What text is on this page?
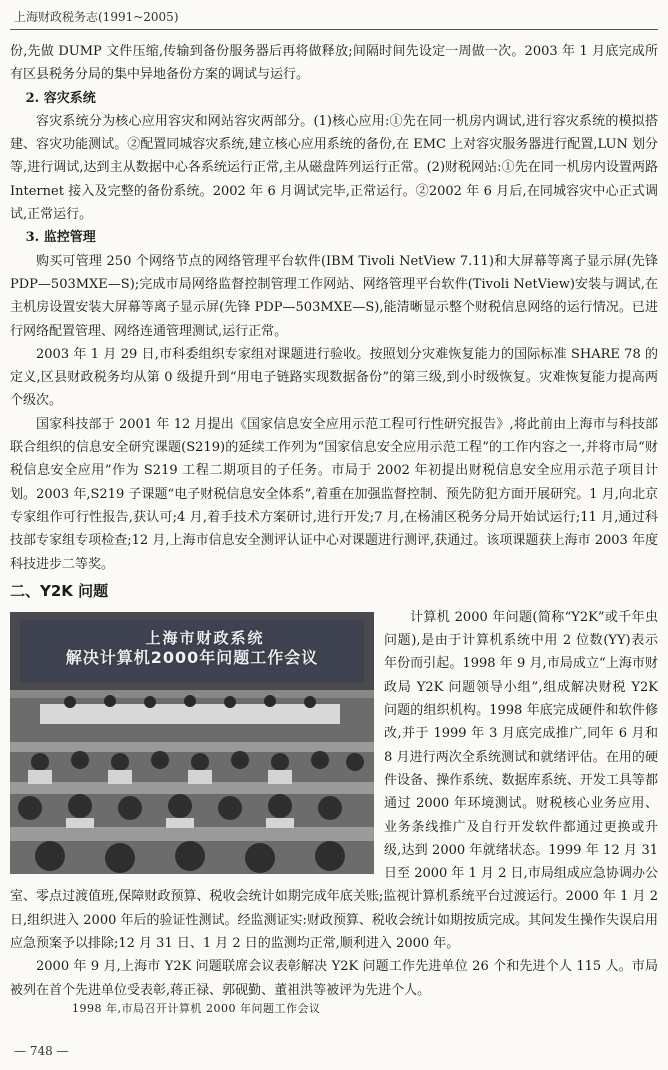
上海财政税务志(1991~2005)

份,先做 DUMP 文件压缩,传输到备份服务器后再将做释放;间隔时间先设定一周做一次。2003 年 1 月底完成所有区县税务分局的集中异地备份方案的调试与运行。

2. 容灾系统

容灾系统分为核心应用容灾和网站容灾两部分。(1)核心应用:①先在同一机房内调试,进行容灾系统的模拟搭建、容灾功能测试。②配置同城容灾系统,建立核心应用系统的备份,在 EMC 上对容灾服务器进行配置,LUN 划分等,进行调试,达到主从数据中心各系统运行正常,主从磁盘阵列运行正常。(2)财税网站:①先在同一机房内设置两路 Internet 接入及完整的备份系统。2002 年 6 月调试完毕,正常运行。②2002 年 6 月后,在同城容灾中心正式调试,正常运行。

3. 监控管理

购买可管理 250 个网络节点的网络管理平台软件(IBM Tivoli NetView 7.11)和大屏幕等离子显示屏(先锋 PDP—503MXE—S);完成市局网络监督控制管理工作网站、网络管理平台软件(Tivoli NetView)安装与调试,在主机房设置安装大屏幕等离子显示屏(先锋 PDP—503MXE—S),能清晰显示整个财税信息网络的运行情况。已进行网络配置管理、网络连通管理测试,运行正常。

2003 年 1 月 29 日,市科委组织专家组对课题进行验收。按照划分灾难恢复能力的国际标准 SHARE 78 的定义,区县财政税务均从第 0 级提升到“用电子链路实现数据备份”的第三级,到小时级恢复。灾难恢复能力提高两个级次。

国家科技部于 2001 年 12 月提出《国家信息安全应用示范工程可行性研究报告》,将此前由上海市与科技部联合组织的信息安全研究课题(S219)的延续工作列为“国家信息安全应用示范工程”的工作内容之一,并将市局“财税信息安全应用”作为 S219 工程二期项目的子任务。市局于 2002 年初提出财税信息安全应用示范子项目计划。2003 年,S219 子课题“电子财税信息安全体系”,着重在加强监督控制、预先防犯方面开展研究。1 月,向北京专家组作可行性报告,获认可;4 月,着手技术方案研讨,进行开发;7 月,在杨浦区税务分局开始试运行;11 月,通过科技部专家组专项检查;12 月,上海市信息安全测评认证中心对课题进行测评,获通过。该项课题获上海市 2003 年度科技进步二等奖。

二、Y2K 问题

上海市财政系统
解决计算机2000年问题工作会议
计算机 2000 年问题(简称“Y2K”或千年虫问题),是由于计算机系统中用 2 位数(YY)表示年份而引起。1998 年 9 月,市局成立“上海市财政局 Y2K 问题领导小组”,组成解决财税 Y2K 问题的组织机构。1998 年底完成硬件和软件修改,并于 1999 年 3 月底完成推广,同年 6 月和 8 月进行两次全系统测试和就绪评估。在用的硬件设备、操作系统、数据库系统、开发工具等都通过 2000 年环境测试。财税核心业务应用、业务条线推广及自行开发软件都通过更换或升级,达到 2000 年就绪状态。1999 年 12 月 31 日至 2000 年 1 月 2 日,市局组成应急协调办公室、零点过渡值班,保障财政预算、税收会统计如期完成年底关账;监视计算机系统平台过渡运行。2000 年 1 月 2 日,组织进入 2000 年后的验证性测试。经监测证实:财政预算、税收会统计如期按质完成。其间发生操作失误启用应急预案予以排除;12 月 31 日、1 月 2 日的监测均正常,顺利进入 2000 年。

2000 年 9 月,上海市 Y2K 问题联席会议表彰解决 Y2K 问题工作先进单位 26 个和先进个人 115 人。市局被列在首个先进单位受表彰,蒋正禄、郭砚勤、董祖洪等被评为先进个人。

1998 年,市局召开计算机 2000 年问题工作会议
— 748 —
